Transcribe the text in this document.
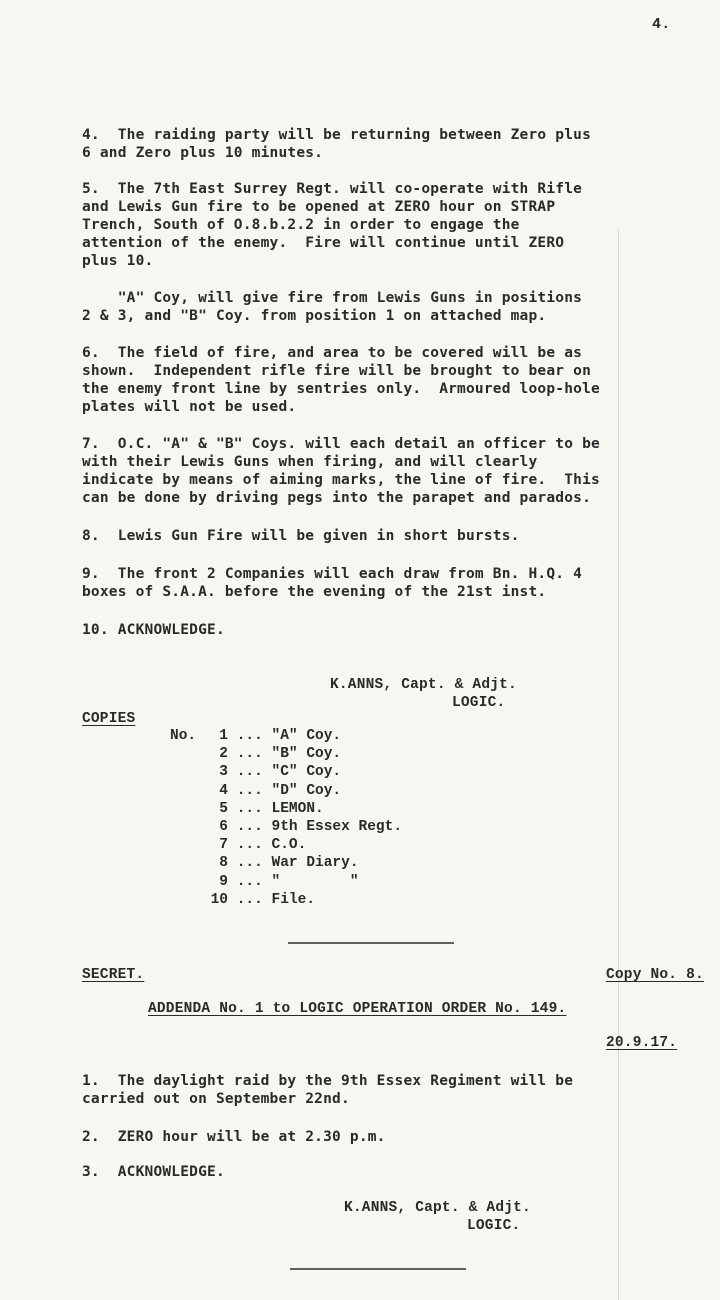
4.
4.  The raiding party will be returning between Zero plus
6 and Zero plus 10 minutes.
5.  The 7th East Surrey Regt. will co-operate with Rifle
and Lewis Gun fire to be opened at ZERO hour on STRAP
Trench, South of O.8.b.2.2 in order to engage the
attention of the enemy.  Fire will continue until ZERO
plus 10.
"A" Coy, will give fire from Lewis Guns in positions
2 & 3, and "B" Coy. from position 1 on attached map.
6.  The field of fire, and area to be covered will be as
shown.  Independent rifle fire will be brought to bear on
the enemy front line by sentries only.  Armoured loop-hole
plates will not be used.
7.  O.C. "A" & "B" Coys. will each detail an officer to be
with their Lewis Guns when firing, and will clearly
indicate by means of aiming marks, the line of fire.  This
can be done by driving pegs into the parapet and parados.
8.  Lewis Gun Fire will be given in short bursts.
9.  The front 2 Companies will each draw from Bn. H.Q. 4
boxes of S.A.A. before the evening of the 21st inst.
10. ACKNOWLEDGE.
K.ANNS, Capt. & Adjt.
LOGIC.
COPIES
No. 1 ... "A" Coy.
2 ... "B" Coy.
3 ... "C" Coy.
4 ... "D" Coy.
5 ... LEMON.
6 ... 9th Essex Regt.
7 ... C.O.
8 ... War Diary.
9 ... "        "
10 ... File.
SECRET.	Copy No. 8.
ADDENDA No. 1 to LOGIC OPERATION ORDER No. 149.
20.9.17.
1.  The daylight raid by the 9th Essex Regiment will be
carried out on September 22nd.
2.  ZERO hour will be at 2.30 p.m.
3.  ACKNOWLEDGE.
K.ANNS, Capt. & Adjt.
LOGIC.
